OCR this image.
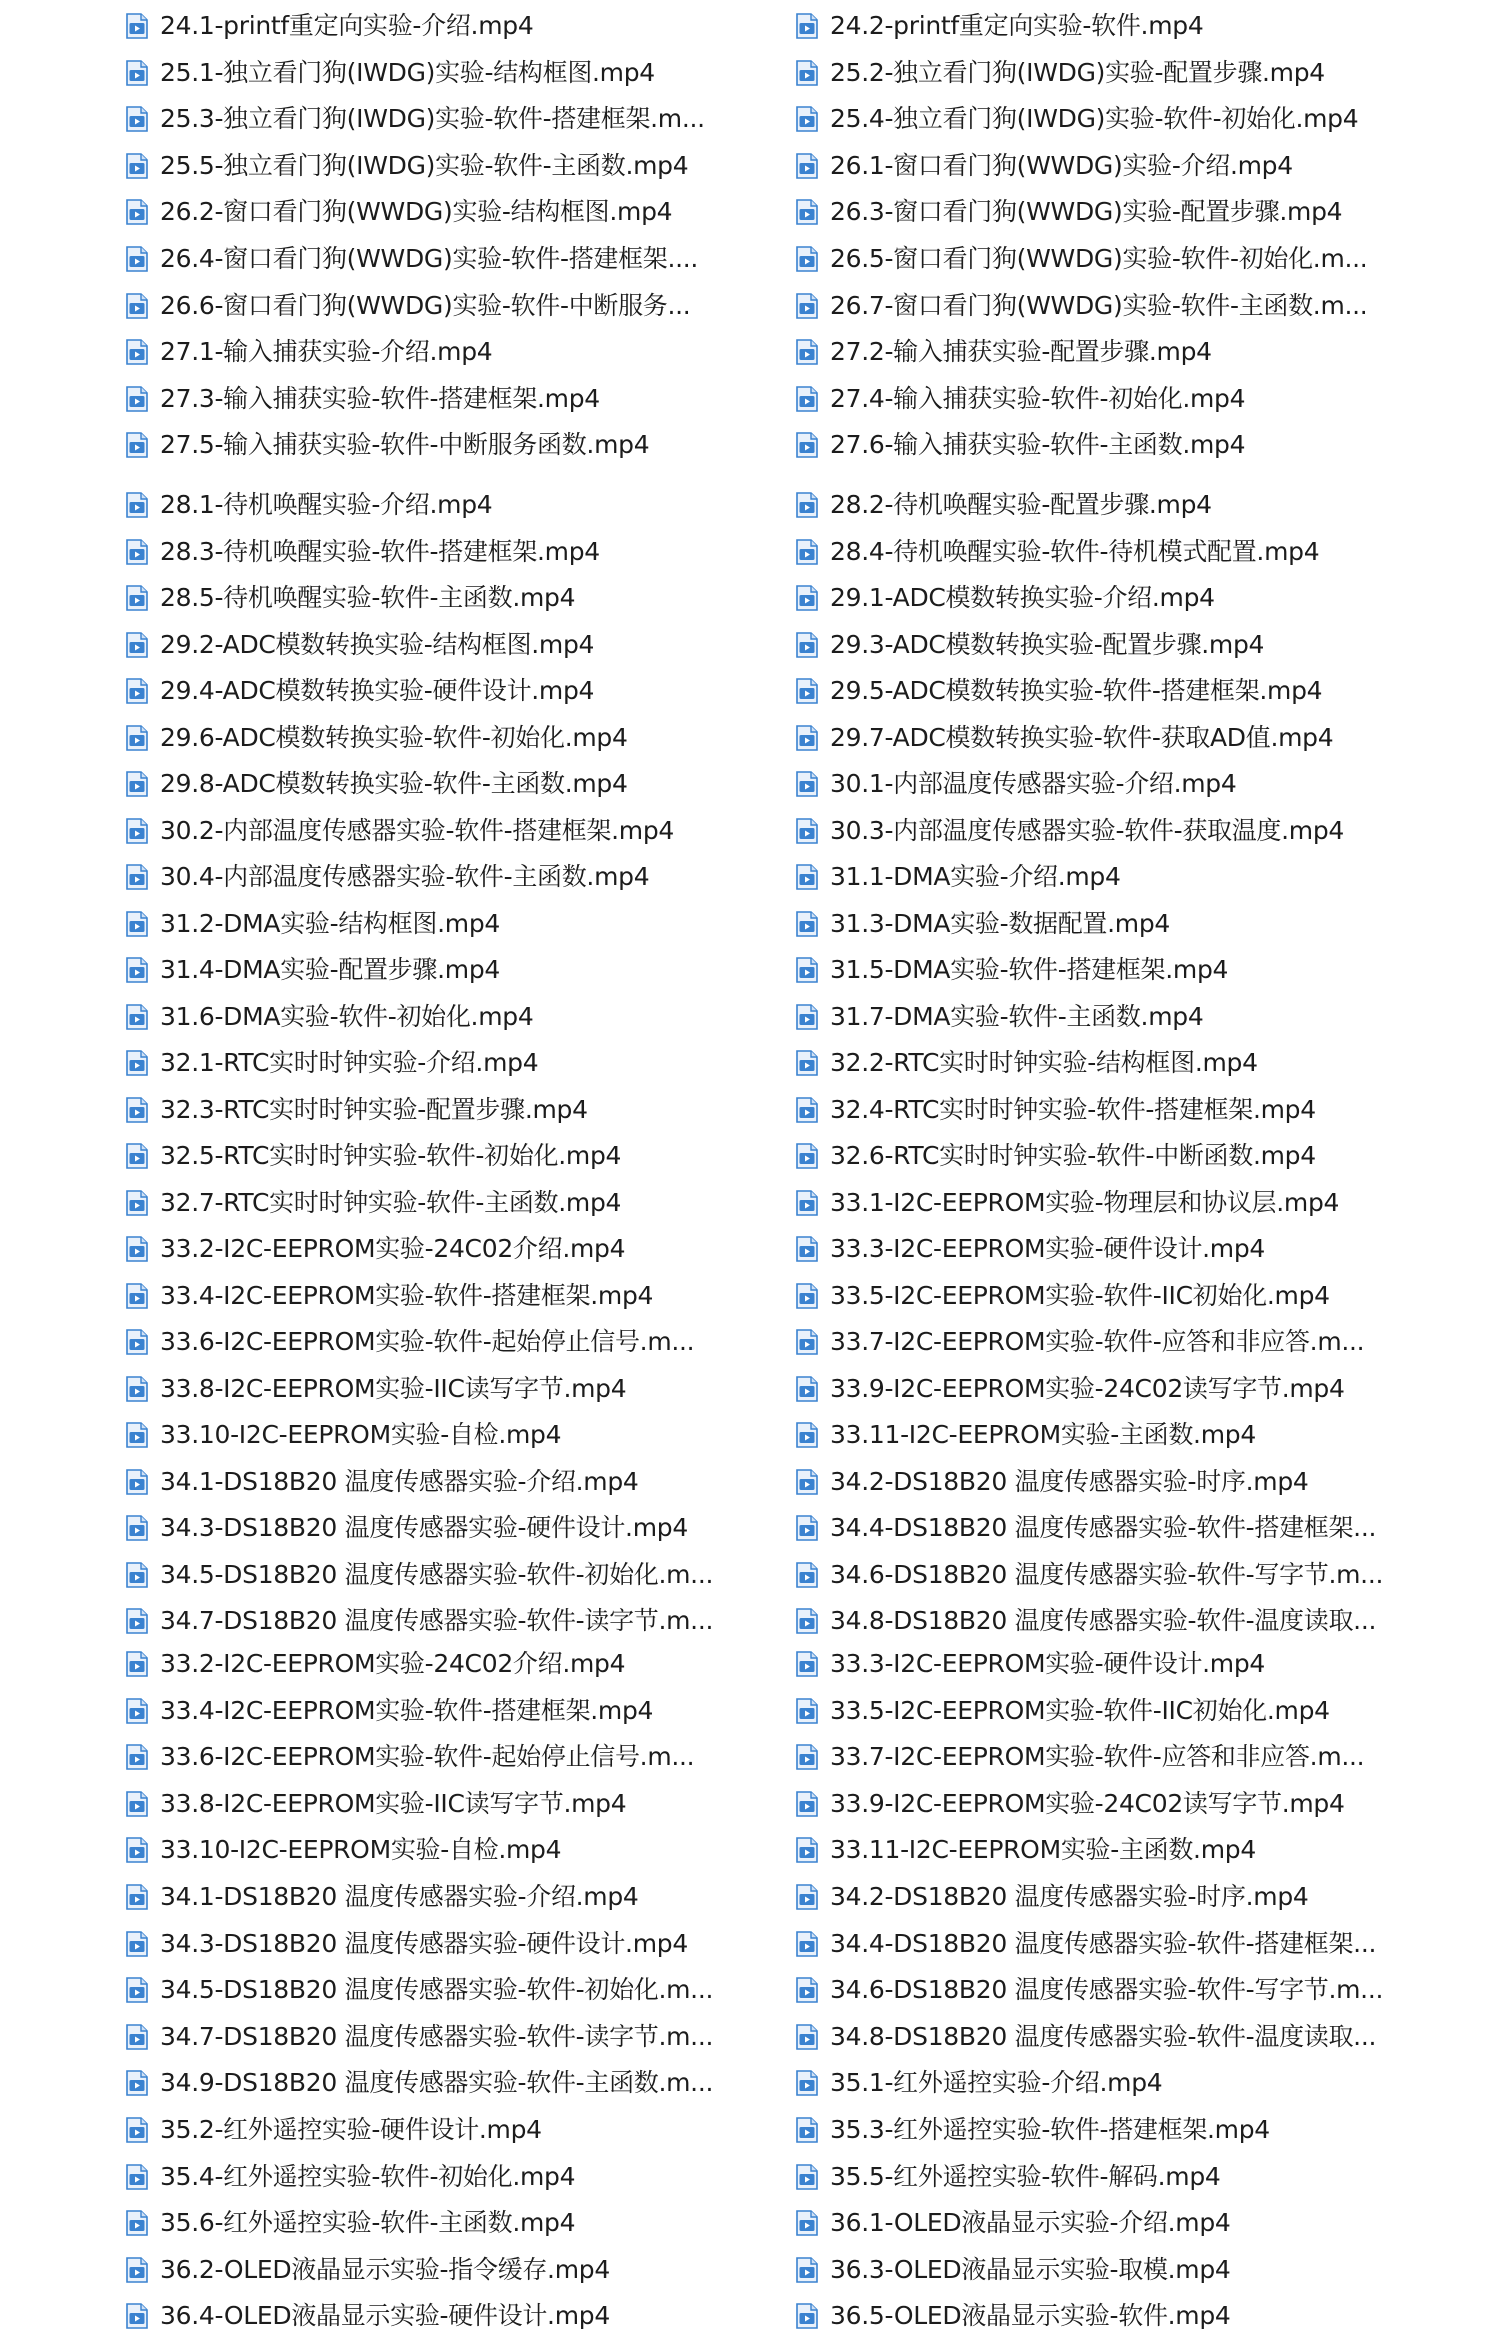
24.1-printf重定向实验-介绍.mp4
25.1-独立看门狗(IWDG)实验-结构框图.mp4
25.3-独立看门狗(IWDG)实验-软件-搭建框架.m...
25.5-独立看门狗(IWDG)实验-软件-主函数.mp4
26.2-窗口看门狗(WWDG)实验-结构框图.mp4
26.4-窗口看门狗(WWDG)实验-软件-搭建框架....
26.6-窗口看门狗(WWDG)实验-软件-中断服务...
27.1-输入捕获实验-介绍.mp4
27.3-输入捕获实验-软件-搭建框架.mp4
27.5-输入捕获实验-软件-中断服务函数.mp4
28.1-待机唤醒实验-介绍.mp4
28.3-待机唤醒实验-软件-搭建框架.mp4
28.5-待机唤醒实验-软件-主函数.mp4
29.2-ADC模数转换实验-结构框图.mp4
29.4-ADC模数转换实验-硬件设计.mp4
29.6-ADC模数转换实验-软件-初始化.mp4
29.8-ADC模数转换实验-软件-主函数.mp4
30.2-内部温度传感器实验-软件-搭建框架.mp4
30.4-内部温度传感器实验-软件-主函数.mp4
31.2-DMA实验-结构框图.mp4
31.4-DMA实验-配置步骤.mp4
31.6-DMA实验-软件-初始化.mp4
32.1-RTC实时时钟实验-介绍.mp4
32.3-RTC实时时钟实验-配置步骤.mp4
32.5-RTC实时时钟实验-软件-初始化.mp4
32.7-RTC实时时钟实验-软件-主函数.mp4
33.2-I2C-EEPROM实验-24C02介绍.mp4
33.4-I2C-EEPROM实验-软件-搭建框架.mp4
33.6-I2C-EEPROM实验-软件-起始停止信号.m...
33.8-I2C-EEPROM实验-IIC读写字节.mp4
33.10-I2C-EEPROM实验-自检.mp4
34.1-DS18B20 温度传感器实验-介绍.mp4
34.3-DS18B20 温度传感器实验-硬件设计.mp4
34.5-DS18B20 温度传感器实验-软件-初始化.m...
34.7-DS18B20 温度传感器实验-软件-读字节.m...
33.2-I2C-EEPROM实验-24C02介绍.mp4
33.4-I2C-EEPROM实验-软件-搭建框架.mp4
33.6-I2C-EEPROM实验-软件-起始停止信号.m...
33.8-I2C-EEPROM实验-IIC读写字节.mp4
33.10-I2C-EEPROM实验-自检.mp4
34.1-DS18B20 温度传感器实验-介绍.mp4
34.3-DS18B20 温度传感器实验-硬件设计.mp4
34.5-DS18B20 温度传感器实验-软件-初始化.m...
34.7-DS18B20 温度传感器实验-软件-读字节.m...
34.9-DS18B20 温度传感器实验-软件-主函数.m...
35.2-红外遥控实验-硬件设计.mp4
35.4-红外遥控实验-软件-初始化.mp4
35.6-红外遥控实验-软件-主函数.mp4
36.2-OLED液晶显示实验-指令缓存.mp4
36.4-OLED液晶显示实验-硬件设计.mp4
24.2-printf重定向实验-软件.mp4
25.2-独立看门狗(IWDG)实验-配置步骤.mp4
25.4-独立看门狗(IWDG)实验-软件-初始化.mp4
26.1-窗口看门狗(WWDG)实验-介绍.mp4
26.3-窗口看门狗(WWDG)实验-配置步骤.mp4
26.5-窗口看门狗(WWDG)实验-软件-初始化.m...
26.7-窗口看门狗(WWDG)实验-软件-主函数.m...
27.2-输入捕获实验-配置步骤.mp4
27.4-输入捕获实验-软件-初始化.mp4
27.6-输入捕获实验-软件-主函数.mp4
28.2-待机唤醒实验-配置步骤.mp4
28.4-待机唤醒实验-软件-待机模式配置.mp4
29.1-ADC模数转换实验-介绍.mp4
29.3-ADC模数转换实验-配置步骤.mp4
29.5-ADC模数转换实验-软件-搭建框架.mp4
29.7-ADC模数转换实验-软件-获取AD值.mp4
30.1-内部温度传感器实验-介绍.mp4
30.3-内部温度传感器实验-软件-获取温度.mp4
31.1-DMA实验-介绍.mp4
31.3-DMA实验-数据配置.mp4
31.5-DMA实验-软件-搭建框架.mp4
31.7-DMA实验-软件-主函数.mp4
32.2-RTC实时时钟实验-结构框图.mp4
32.4-RTC实时时钟实验-软件-搭建框架.mp4
32.6-RTC实时时钟实验-软件-中断函数.mp4
33.1-I2C-EEPROM实验-物理层和协议层.mp4
33.3-I2C-EEPROM实验-硬件设计.mp4
33.5-I2C-EEPROM实验-软件-IIC初始化.mp4
33.7-I2C-EEPROM实验-软件-应答和非应答.m...
33.9-I2C-EEPROM实验-24C02读写字节.mp4
33.11-I2C-EEPROM实验-主函数.mp4
34.2-DS18B20 温度传感器实验-时序.mp4
34.4-DS18B20 温度传感器实验-软件-搭建框架...
34.6-DS18B20 温度传感器实验-软件-写字节.m...
34.8-DS18B20 温度传感器实验-软件-温度读取...
33.3-I2C-EEPROM实验-硬件设计.mp4
33.5-I2C-EEPROM实验-软件-IIC初始化.mp4
33.7-I2C-EEPROM实验-软件-应答和非应答.m...
33.9-I2C-EEPROM实验-24C02读写字节.mp4
33.11-I2C-EEPROM实验-主函数.mp4
34.2-DS18B20 温度传感器实验-时序.mp4
34.4-DS18B20 温度传感器实验-软件-搭建框架...
34.6-DS18B20 温度传感器实验-软件-写字节.m...
34.8-DS18B20 温度传感器实验-软件-温度读取...
35.1-红外遥控实验-介绍.mp4
35.3-红外遥控实验-软件-搭建框架.mp4
35.5-红外遥控实验-软件-解码.mp4
36.1-OLED液晶显示实验-介绍.mp4
36.3-OLED液晶显示实验-取模.mp4
36.5-OLED液晶显示实验-软件.mp4
